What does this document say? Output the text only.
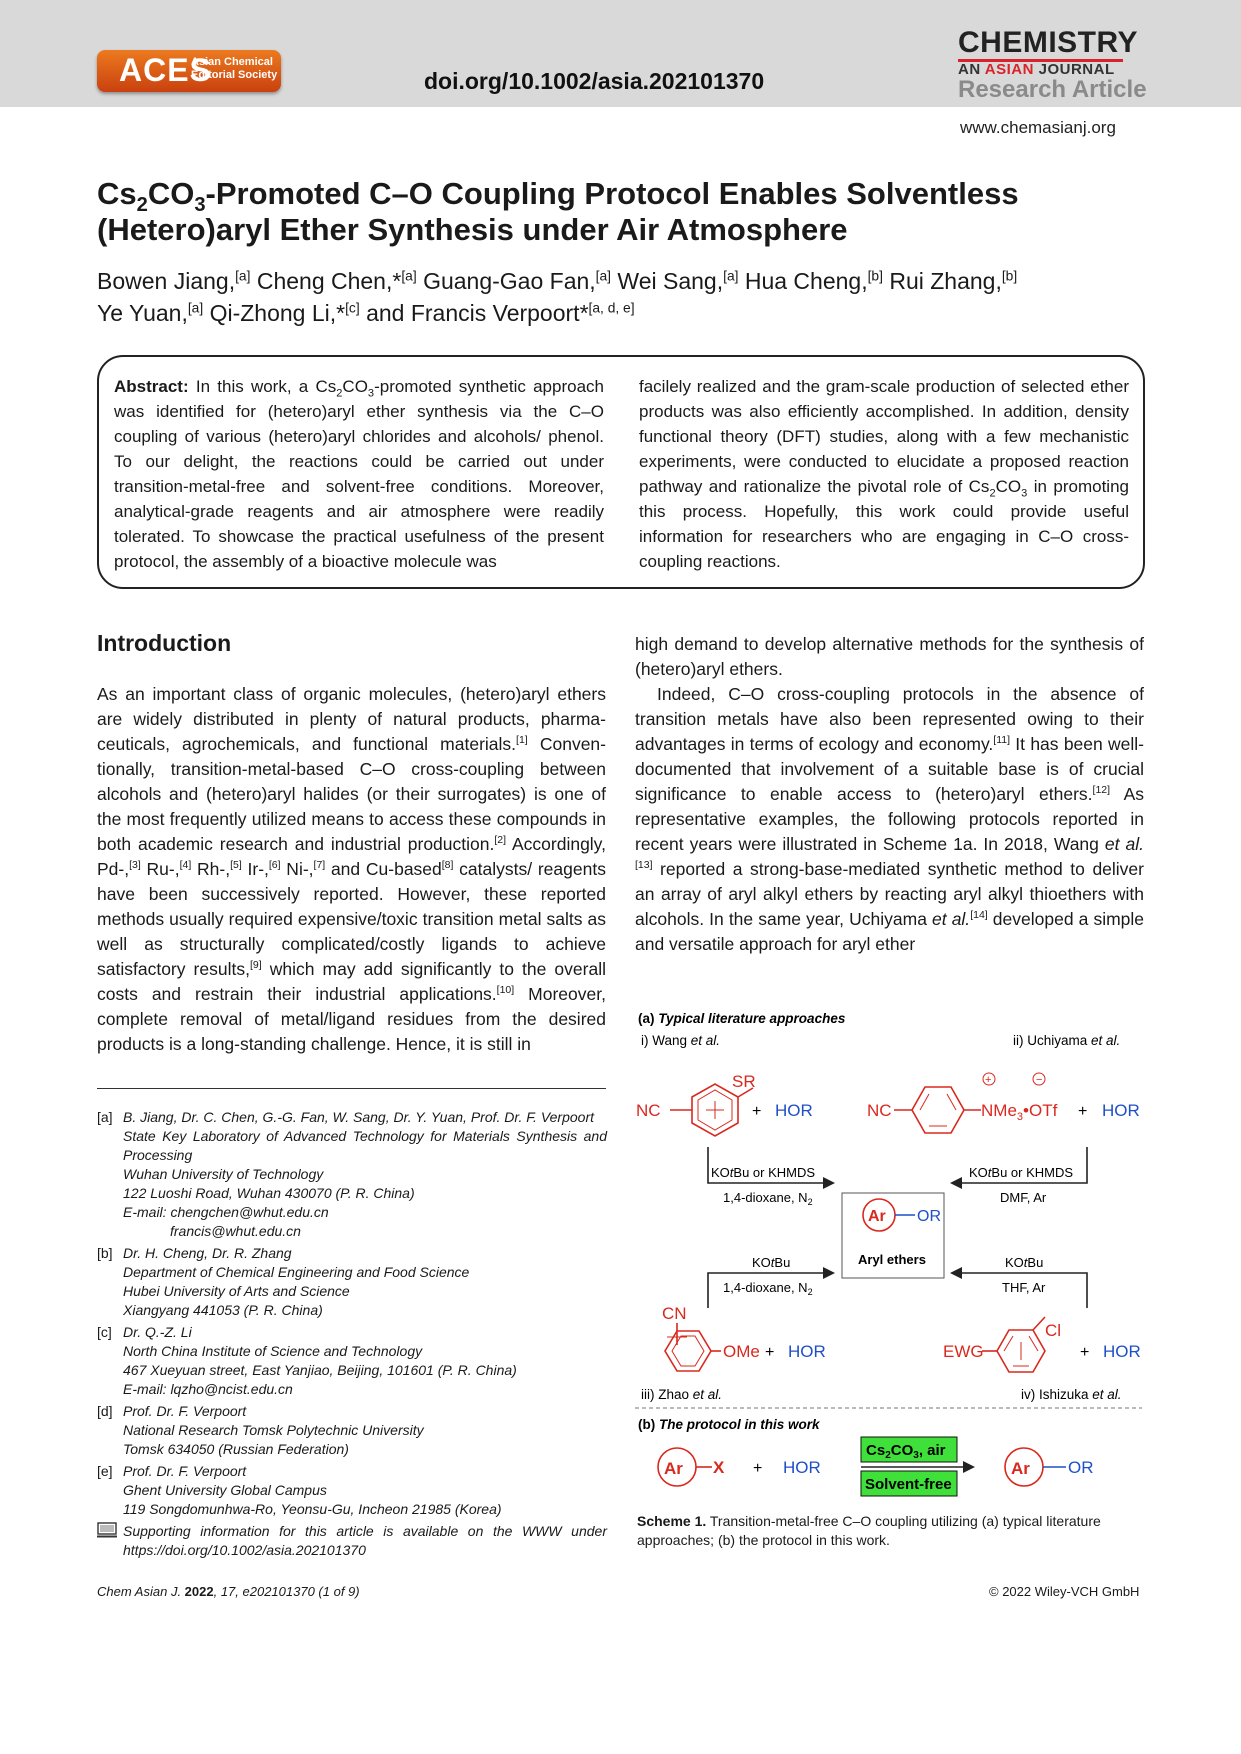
ACES
Asian Chemical
Editorial Society	doi.org/10.1002/asia.202101370
CHEMISTRY
AN ASIAN JOURNAL
Research Article
www.chemasianj.org
$Cs_2CO_3$-Promoted C–O Coupling Protocol Enables Solventless
(Hetero)aryl Ether Synthesis under Air Atmosphere
Bowen Jiang,[a] Cheng Chen,*[a] Guang-Gao Fan,[a] Wei Sang,[a] Hua Cheng,[b] Rui Zhang,[b]
Ye Yuan,[a] Qi-Zhong Li,*[c] and Francis Verpoort*[a, d, e]
Abstract: In this work, a $Cs_2CO_3$-promoted synthetic approach was identified for (hetero)aryl ether synthesis via the C–O coupling of various (hetero)aryl chlorides and alcohols/ phenol. To our delight, the reactions could be carried out under transition-metal-free and solvent-free conditions. Moreover, analytical-grade reagents and air atmosphere were readily tolerated. To showcase the practical usefulness of the present protocol, the assembly of a bioactive molecule was
facilely realized and the gram-scale production of selected ether products was also efficiently accomplished. In addition, density functional theory (DFT) studies, along with a few mechanistic experiments, were conducted to elucidate a proposed reaction pathway and rationalize the pivotal role of $Cs_2CO_3$ in promoting this process. Hopefully, this work could provide useful information for researchers who are engaging in C–O cross-coupling reactions.
Introduction

As an important class of organic molecules, (hetero)aryl ethers are widely distributed in plenty of natural products, pharmaceuticals, agrochemicals, and functional materials.[1] Conventionally, transition-metal-based C–O cross-coupling between alcohols and (hetero)aryl halides (or their surrogates) is one of the most frequently utilized means to access these compounds in both academic research and industrial production.[2] Accordingly, Pd-,[3] Ru-,[4] Rh-,[5] Ir-,[6] Ni-,[7] and Cu-based[8] catalysts/ reagents have been successively reported. However, these reported methods usually required expensive/toxic transition metal salts as well as structurally complicated/costly ligands to achieve satisfactory results,[9] which may add significantly to the overall costs and restrain their industrial applications.[10] Moreover, complete removal of metal/ligand residues from the desired products is a long-standing challenge. Hence, it is still in

high demand to develop alternative methods for the synthesis of (hetero)aryl ethers.

Indeed, C–O cross-coupling protocols in the absence of transition metals have also been represented owing to their advantages in terms of ecology and economy.[11] It has been well-documented that involvement of a suitable base is of crucial significance to enable access to (hetero)aryl ethers.[12] As representative examples, the following protocols reported in recent years were illustrated in Scheme 1a. In 2018, Wang et al.[13] reported a strong-base-mediated synthetic method to deliver an array of aryl alkyl ethers by reacting aryl alkyl thioethers with alcohols. In the same year, Uchiyama et al.[14] developed a simple and versatile approach for aryl ether

[a] B. Jiang, Dr. C. Chen, G.-G. Fan, W. Sang, Dr. Y. Yuan, Prof. Dr. F. Verpoort
State Key Laboratory of Advanced Technology for Materials Synthesis and Processing
Wuhan University of Technology
122 Luoshi Road, Wuhan 430070 (P. R. China)
E-mail: chengchen@whut.edu.cn
francis@whut.edu.cn
[b] Dr. H. Cheng, Dr. R. Zhang
Department of Chemical Engineering and Food Science
Hubei University of Arts and Science
Xiangyang 441053 (P. R. China)
[c] Dr. Q.-Z. Li
North China Institute of Science and Technology
467 Xueyuan street, East Yanjiao, Beijing, 101601 (P. R. China)
E-mail: lqzho@ncist.edu.cn
[d] Prof. Dr. F. Verpoort
National Research Tomsk Polytechnic University
Tomsk 634050 (Russian Federation)
[e] Prof. Dr. F. Verpoort
Ghent University Global Campus
119 Songdomunhwa-Ro, Yeonsu-Gu, Incheon 21985 (Korea)
Supporting information for this article is available on the WWW under https://doi.org/10.1002/asia.202101370
(a) Typical literature approaches
i) Wang et al.	ii) Uchiyama et al.
NC
SR
+ HOR	NC	NMe$_3$•OTf
+	−
+ HOR
KOtBu or KHMDS
1,4-dioxane, $N_2$
KOtBu or KHMDS
DMF, Ar
KOtBu
1,4-dioxane, $N_2$
KOtBu
THF, Ar
Ar OR
Aryl ethers
CN
OMe + HOR	EWG
Cl
+ HOR
iii) Zhao et al.	iv) Ishizuka et al.
(b) The protocol in this work
Ar X + HOR
$Cs_2CO_3$, air
Solvent-free
Ar OR
Scheme 1. Transition-metal-free C–O coupling utilizing (a) typical literature approaches; (b) the protocol in this work.
Chem Asian J. 2022, 17, e202101370 (1 of 9)	© 2022 Wiley-VCH GmbH
